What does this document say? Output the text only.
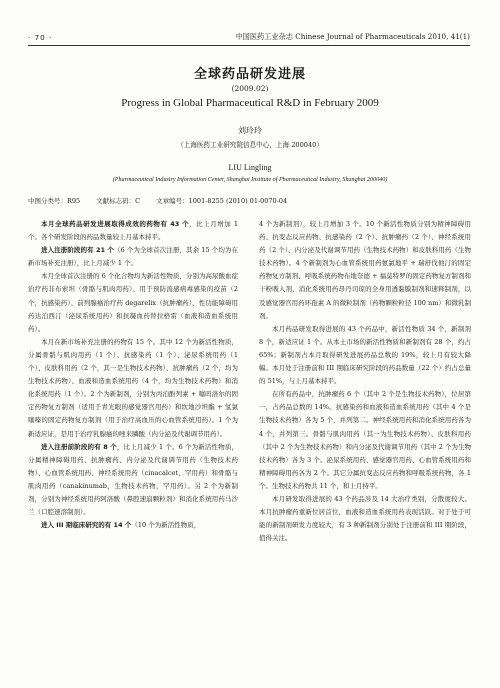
· 70 ·	中国医药工业杂志 Chinese Journal of Pharmaceuticals 2010, 41(1)
全球药品研发进展
(2009.02)
Progress in Global Pharmaceutical R&D in February 2009
刘玲玲
（上海医药工业研究院信息中心，上海 200040）
LIU Lingling
(Pharmaceutical Industry Information Center, Shanghai Institute of Pharmaceutical Industry, Shanghai 200040)
中图分类号：R95 文献标志码：C 文章编号：1001-8255 (2010) 01-0070-04

本月全球药品研发进展取得成效的药物有 43 个，比上月增加 1 个。各个研发阶段的药品数量较上月基本持平。

进入注册阶段的有 21 个（6 个为全球首次注册，其余 15 个均为在新市场补充注册），比上月减少 1 个。

本月全球首次注册的 6 个化合物均为新活性物质，分别为高尿酸血症治疗药非布索坦（骨骼与肌肉用药）、用于预防流感病毒感染的疫苗（2 个，抗感染药）、前列腺癌治疗药 degarelix（抗肿瘤药）、性功能障碍用药达泊西汀（泌尿系统用药）和抗凝血药替拉格雷（血液和造血系统用药）。

本月在新市场补充注册的药物有 15 个。其中 12 个为新活性物质，分属骨骼与肌肉用药（1 个）、抗感染药（1 个）、泌尿系统用药（1 个）、皮肤科用药（2 个，其一是生物技术药物）、抗肿瘤药（2 个，均为生物技术药物）、血液和造血系统用药（4 个，均为生物技术药物）和消化系统用药（1 个）。2 个为新制剂，分别为丙泊酚列素 + 噻吗洛尔的固定药物复方制剂（适用于青光眼的感觉器官用药）和坎地沙坦酯 + 氢氯噻嗪的固定药物复方制剂（用于治疗高血压的心血管系统用药）。1 个为新适应证，是用于治疗乳腺癌的唑来膦酸（内分泌及代谢调节用药）。

进入注册前阶段的有 8 个，比上月减少 1 个。6 个为新活性物质，分属精神障碍用药、抗肿瘤药、内分泌及代谢调节用药（生物技术药物）、心血管系统用药、神经系统用药（cinacalcet，罕用药）和骨骼与肌肉用药（canakinumab，生物技术药物，罕用药）。另 2 个为新制剂，分别为神经系统用药阿洛酸（鼻腔速崩颗粒剂）和消化系统用药马沙兰（口腔速溶制剂）。

进入 III 期临床研究的有 14 个（10 个为新活性物质，

4 个为新制剂），较上月增加 3 个。10 个新活性物质分别为精神障碍用药、抗变态反应药物、抗感染药（2 个）、抗肿瘤药（2 个）、神经系统用药（2 个）、内分泌及代谢调节用药（生物技术药物）和皮肤科用药（生物技术药物）。4 个新制剂为心血管系统用药氨氯地平 + 瑞舒伐他汀的固定药物复方制剂、呼吸系统药物布地奈德 + 福莫特罗的固定药物复方制剂和干粉吸入剂、消化系统用药昂丹司琼的全身用透黏膜制剂和速释制剂，以及感觉器官用药环孢素 A 的微粒制剂（药物颗粒粒径 100 nm）和微乳制剂。

本月药品研发取得进展的 43 个药品中，新活性物质 34 个，新制剂 8 个，新适应证 1 个。从本土市场的新活性物质和新制剂有 28 个，约占 65%；新制剂占本月取得研发进展药品总数的 19%，较上月有较大降幅。本月处于注册前和 III 期临床研究阶段的药品数量（22 个）约占总量的 51%，与上月基本持平。

在所有药品中，抗肿瘤药 6 个（其中 2 个是生物技术药物），位居第一，占药品总数的 14%。抗感染药和血液和造血系统用药（其中 4 个是生物技术药物）各为 5 个，并列第二。神经系统用药和消化系统用药各为 4 个，并列第三。骨骼与肌肉用药（其一为生物技术药物）、皮肤科用药（其中 2 个为生物技术药物）和内分泌及代谢调节用药（其中 2 个为生物技术药物）各为 3 个。泌尿系统用药、感觉器官用药、心血管系统用药和精神障碍用药各为 2 个。其它分属抗变态反应药物和呼吸系统药物，各 1 个。生物技术药物共 11 个，和上月持平。

本月研发取得进展的 43 个药品涉及 14 大治疗类别，分散度较大。本月抗肿瘤药重新位居首位，血液和造血系统用药表现活跃。对于处于可能的新制剂研发力度较大，有 3 种新制剂分别处于注册前和 III 期阶段，值得关注。
